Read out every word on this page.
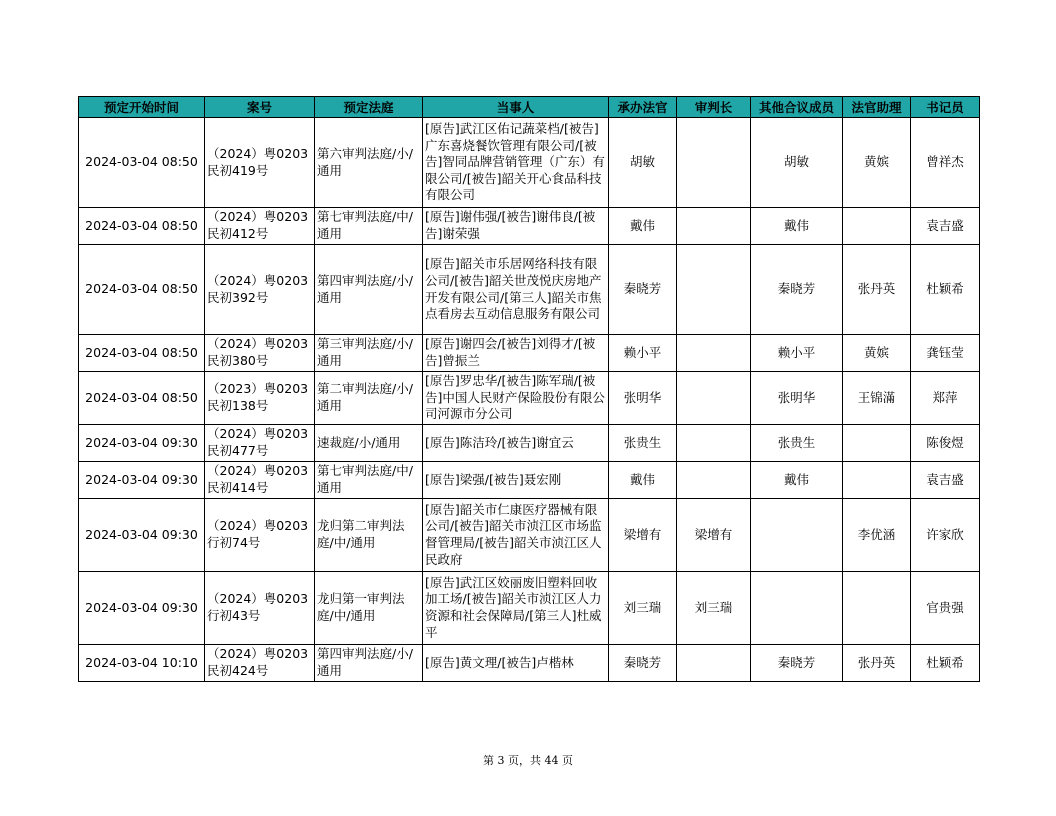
预定开始时间	案号	预定法庭	当事人	承办法官	审判长	其他合议成员	法官助理	书记员
2024-03-04 08:50	（2024）粤0203民初419号	第六审判法庭/小/通用	[原告]武江区佑记蔬菜档/[被告]广东喜烧餐饮管理有限公司/[被告]智同品牌营销管理（广东）有限公司/[被告]韶关开心食品科技有限公司	胡敏		胡敏	黄嫔	曾祥杰
2024-03-04 08:50	（2024）粤0203民初412号	第七审判法庭/中/通用	[原告]谢伟强/[被告]谢伟良/[被告]谢荣强	戴伟		戴伟		袁吉盛
2024-03-04 08:50	（2024）粤0203民初392号	第四审判法庭/小/通用	[原告]韶关市乐居网络科技有限公司/[被告]韶关世茂悦庆房地产开发有限公司/[第三人]韶关市焦点看房去互动信息服务有限公司	秦晓芳		秦晓芳	张丹英	杜颖希
2024-03-04 08:50	（2024）粤0203民初380号	第三审判法庭/小/通用	[原告]谢四会/[被告]刘得才/[被告]曾振兰	赖小平		赖小平	黄嫔	龚钰莹
2024-03-04 08:50	（2023）粤0203民初138号	第二审判法庭/小/通用	[原告]罗忠华/[被告]陈军瑞/[被告]中国人民财产保险股份有限公司河源市分公司	张明华		张明华	王锦滿	郑萍
2024-03-04 09:30	（2024）粤0203民初477号	速裁庭/小/通用	[原告]陈洁玲/[被告]谢宜云	张贵生		张贵生		陈俊煜
2024-03-04 09:30	（2024）粤0203民初414号	第七审判法庭/中/通用	[原告]梁强/[被告]聂宏刚	戴伟		戴伟		袁吉盛
2024-03-04 09:30	（2024）粤0203行初74号	龙归第二审判法庭/中/通用	[原告]韶关市仁康医疗器械有限公司/[被告]韶关市浈江区市场监督管理局/[被告]韶关市浈江区人民政府	梁增有	梁增有		李优涵	许家欣
2024-03-04 09:30	（2024）粤0203行初43号	龙归第一审判法庭/中/通用	[原告]武江区姣丽废旧塑料回收加工场/[被告]韶关市浈江区人力资源和社会保障局/[第三人]杜威平	刘三瑞	刘三瑞			官贵强
2024-03-04 10:10	（2024）粤0203民初424号	第四审判法庭/小/通用	[原告]黄文理/[被告]卢楷林	秦晓芳		秦晓芳	张丹英	杜颖希
第 3 页，共 44 页
